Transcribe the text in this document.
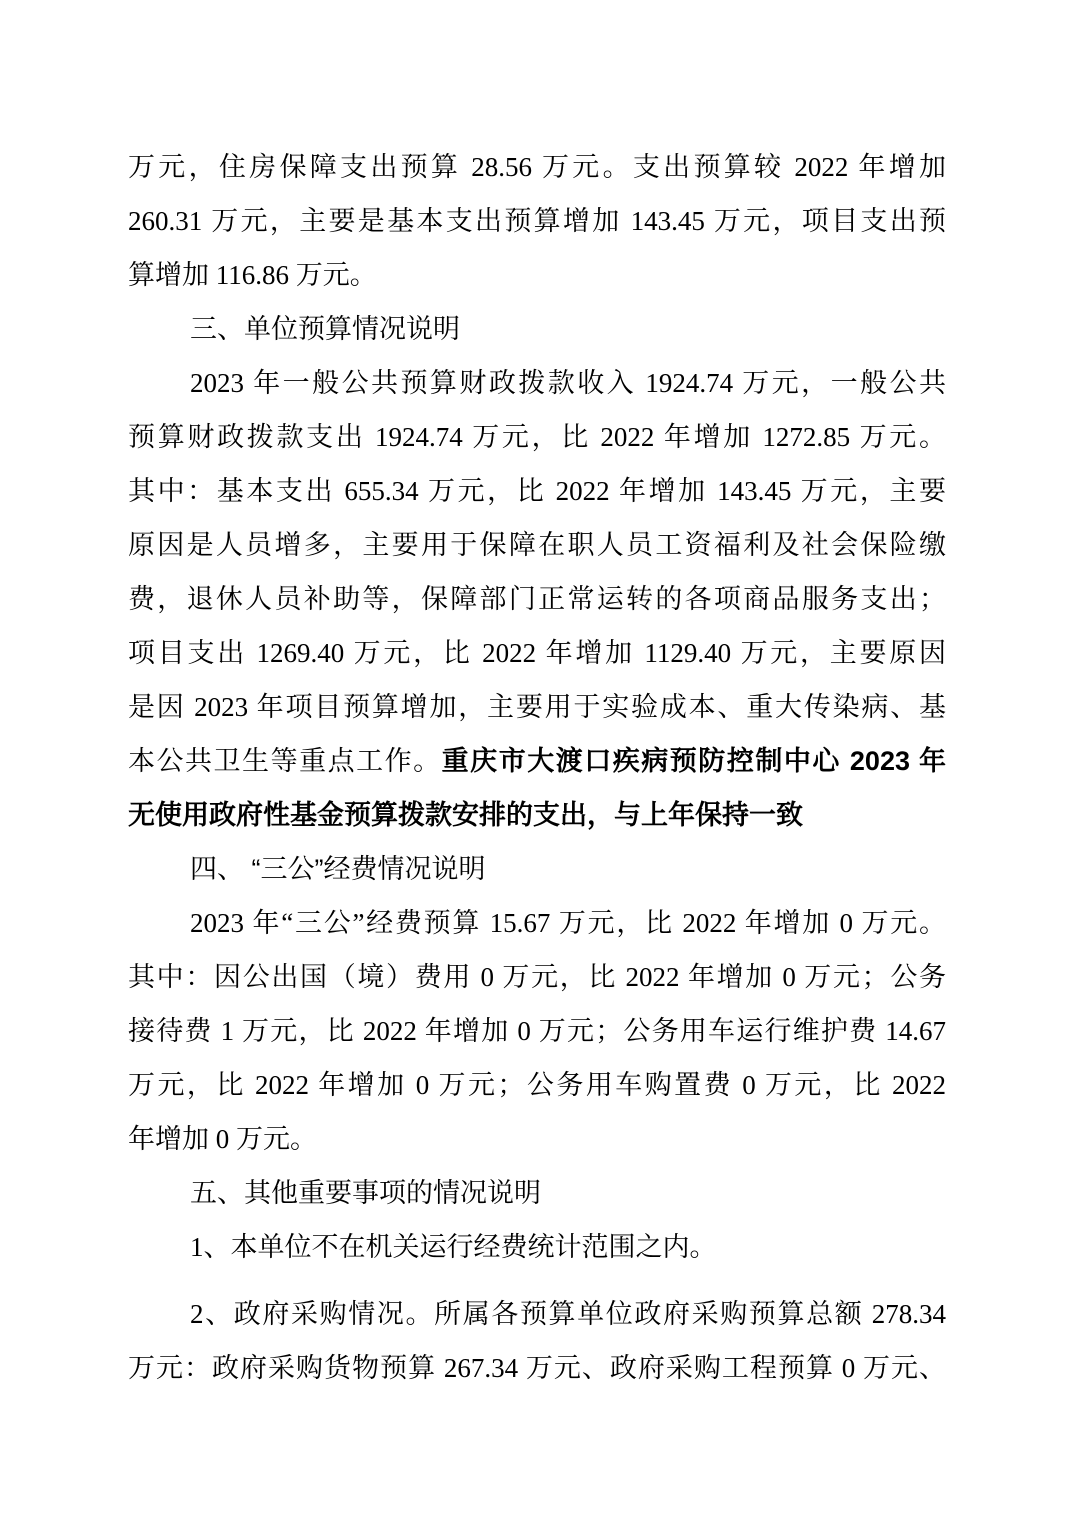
万元，住房保障支出预算 28.56 万元。支出预算较 2022 年增加
260.31 万元，主要是基本支出预算增加 143.45 万元，项目支出预
算增加 116.86 万元。
三、单位预算情况说明
2023 年一般公共预算财政拨款收入 1924.74 万元，一般公共
预算财政拨款支出 1924.74 万元，比 2022 年增加 1272.85 万元。
其中：基本支出 655.34 万元，比 2022 年增加 143.45 万元，主要
原因是人员增多，主要用于保障在职人员工资福利及社会保险缴
费，退休人员补助等，保障部门正常运转的各项商品服务支出；
项目支出 1269.40 万元，比 2022 年增加 1129.40 万元，主要原因
是因 2023 年项目预算增加，主要用于实验成本、重大传染病、基
本公共卫生等重点工作。重庆市大渡口疾病预防控制中心 2023 年
无使用政府性基金预算拨款安排的支出，与上年保持一致
四、 “三公”经费情况说明
2023 年“三公”经费预算 15.67 万元，比 2022 年增加 0 万元。
其中：因公出国（境）费用 0 万元，比 2022 年增加 0 万元；公务
接待费 1 万元，比 2022 年增加 0 万元；公务用车运行维护费 14.67
万元，比 2022 年增加 0 万元；公务用车购置费 0 万元，比 2022
年增加 0 万元。
五、其他重要事项的情况说明
1、本单位不在机关运行经费统计范围之内。
2、政府采购情况。所属各预算单位政府采购预算总额 278.34
万元：政府采购货物预算 267.34 万元、政府采购工程预算 0 万元、
